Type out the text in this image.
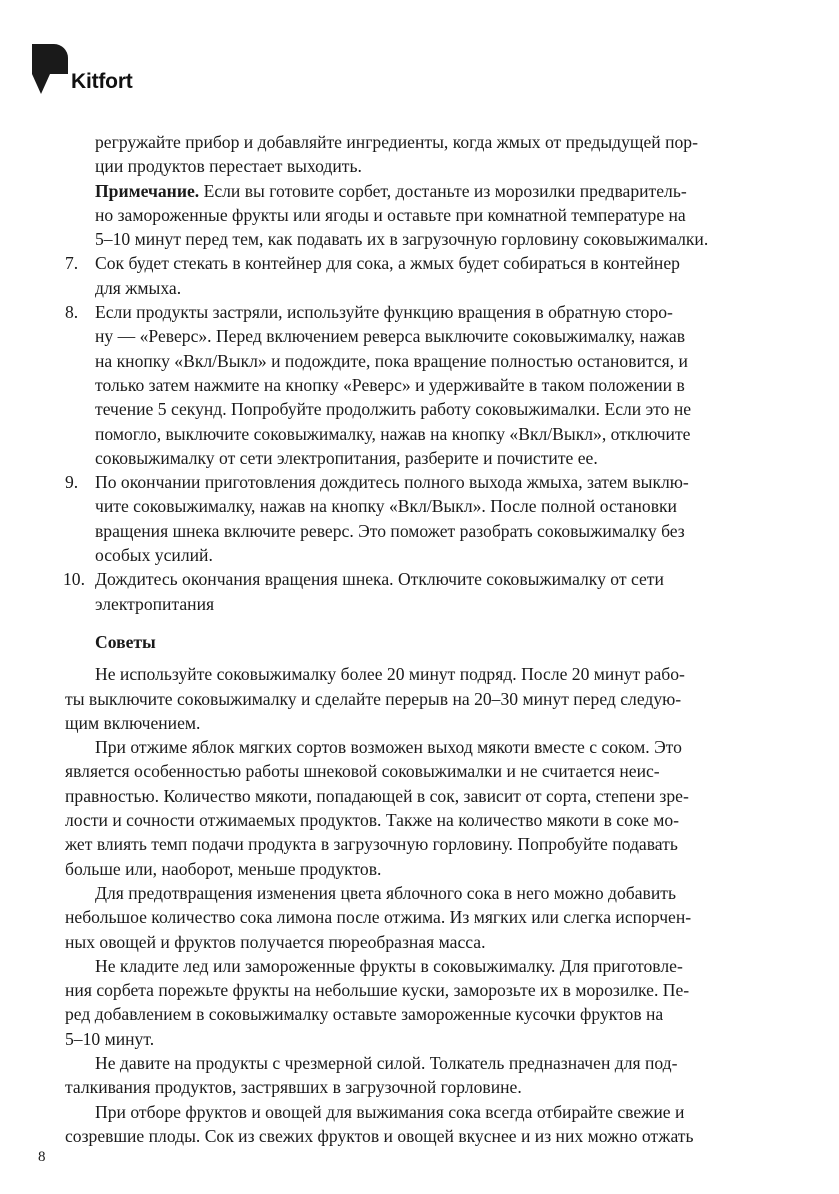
Kitfort
регружайте прибор и добавляйте ингредиенты, когда жмых от предыдущей пор-
ции продуктов перестает выходить.
Примечание. Если вы готовите сорбет, достаньте из морозилки предваритель-
но замороженные фрукты или ягоды и оставьте при комнатной температуре на
5–10 минут перед тем, как подавать их в загрузочную горловину соковыжималки.
7. Сок будет стекать в контейнер для сока, а жмых будет собираться в контейнер
для жмыха.
8. Если продукты застряли, используйте функцию вращения в обратную сторо-
ну — «Реверс». Перед включением реверса выключите соковыжималку, нажав
на кнопку «Вкл/Выкл» и подождите, пока вращение полностью остановится, и
только затем нажмите на кнопку «Реверс» и удерживайте в таком положении в
течение 5 секунд. Попробуйте продолжить работу соковыжималки. Если это не
помогло, выключите соковыжималку, нажав на кнопку «Вкл/Выкл», отключите
соковыжималку от сети электропитания, разберите и почистите ее.
9. По окончании приготовления дождитесь полного выхода жмыха, затем выклю-
чите соковыжималку, нажав на кнопку «Вкл/Выкл». После полной остановки
вращения шнека включите реверс. Это поможет разобрать соковыжималку без
особых усилий.
10. Дождитесь окончания вращения шнека. Отключите соковыжималку от сети
электропитания

Советы

Не используйте соковыжималку более 20 минут подряд. После 20 минут рабо-
ты выключите соковыжималку и сделайте перерыв на 20–30 минут перед следую-
щим включением.
При отжиме яблок мягких сортов возможен выход мякоти вместе с соком. Это
является особенностью работы шнековой соковыжималки и не считается неис-
правностью. Количество мякоти, попадающей в сок, зависит от сорта, степени зре-
лости и сочности отжимаемых продуктов. Также на количество мякоти в соке мо-
жет влиять темп подачи продукта в загрузочную горловину. Попробуйте подавать
больше или, наоборот, меньше продуктов.
Для предотвращения изменения цвета яблочного сока в него можно добавить
небольшое количество сока лимона после отжима. Из мягких или слегка испорчен-
ных овощей и фруктов получается пюреобразная масса.
Не кладите лед или замороженные фрукты в соковыжималку. Для приготовле-
ния сорбета порежьте фрукты на небольшие куски, заморозьте их в морозилке. Пе-
ред добавлением в соковыжималку оставьте замороженные кусочки фруктов на
5–10 минут.
Не давите на продукты с чрезмерной силой. Толкатель предназначен для под-
талкивания продуктов, застрявших в загрузочной горловине.
При отборе фруктов и овощей для выжимания сока всегда отбирайте свежие и
созревшие плоды. Сок из свежих фруктов и овощей вкуснее и из них можно отжать
8
